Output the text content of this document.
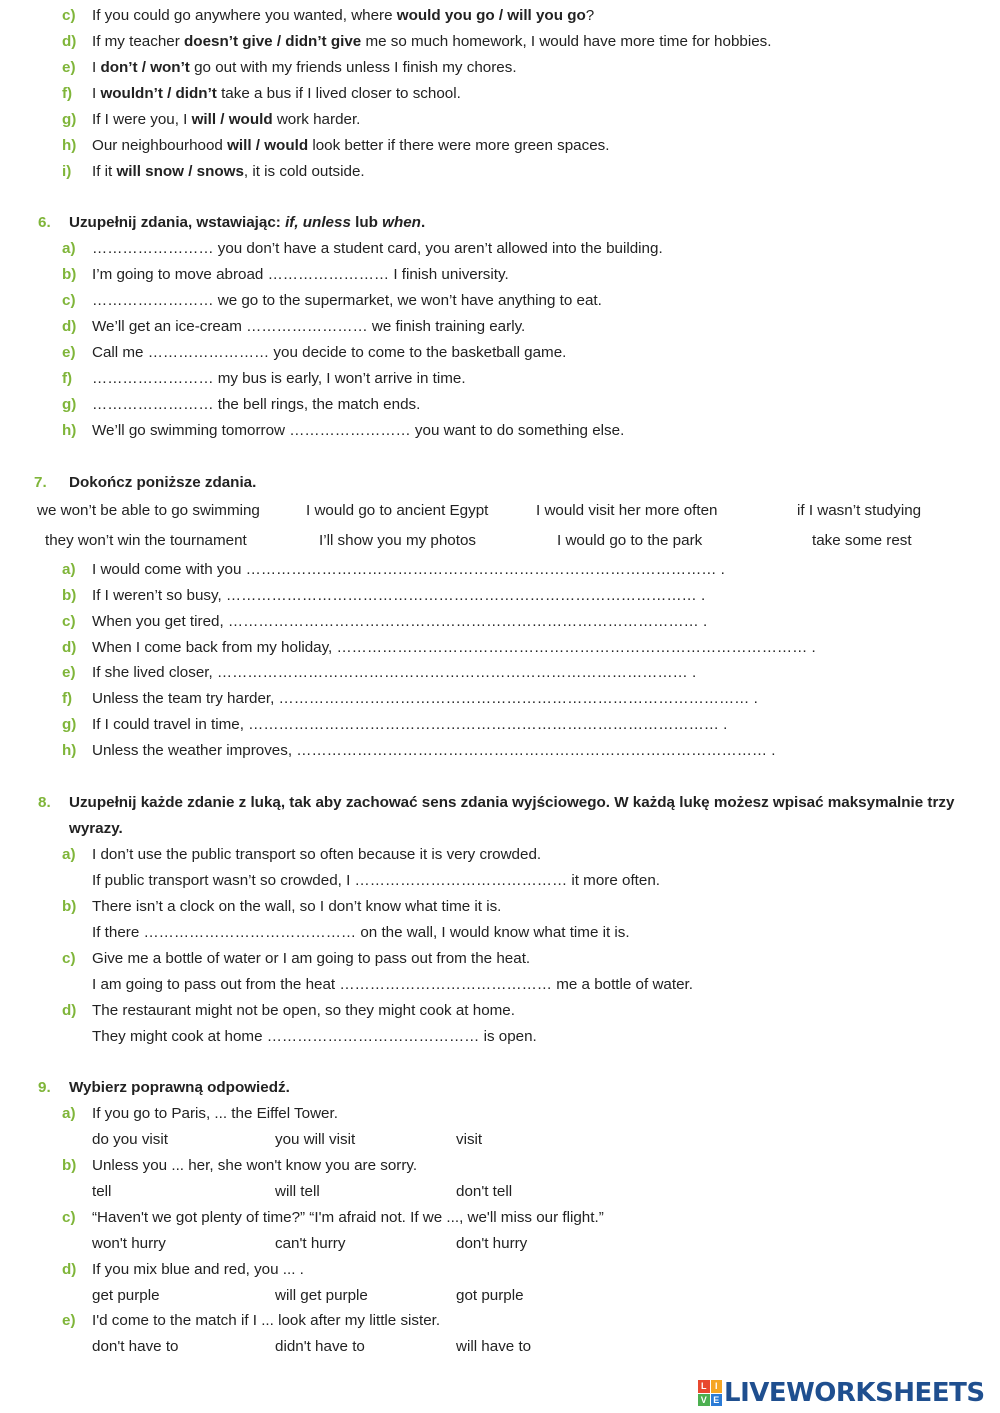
c) If you could go anywhere you wanted, where would you go / will you go?
d) If my teacher doesn’t give / didn’t give me so much homework, I would have more time for hobbies.
e) I don’t / won’t go out with my friends unless I finish my chores.
f) I wouldn’t / didn’t take a bus if I lived closer to school.
g) If I were you, I will / would work harder.
h) Our neighbourhood will / would look better if there were more green spaces.
i) If it will snow / snows, it is cold outside.
6. Uzupełnij zdania, wstawiając: if, unless lub when.
a) …………………… you don’t have a student card, you aren’t allowed into the building.
b) I’m going to move abroad …………………… I finish university.
c) …………………… we go to the supermarket, we won’t have anything to eat.
d) We’ll get an ice-cream …………………… we finish training early.
e) Call me …………………… you decide to come to the basketball game.
f) …………………… my bus is early, I won’t arrive in time.
g) …………………… the bell rings, the match ends.
h) We’ll go swimming tomorrow …………………… you want to do something else.
7. Dokończ poniższe zdania.
we won’t be able to go swimming	I would go to ancient Egypt	I would visit her more often	if I wasn’t studying
they won’t win the tournament	I’ll show you my photos	I would go to the park	take some rest
a) I would come with you ………………………………………………………………………………… .
b) If I weren’t so busy, ………………………………………………………………………………… .
c) When you get tired, ………………………………………………………………………………… .
d) When I come back from my holiday, ………………………………………………………………………………… .
e) If she lived closer, ………………………………………………………………………………… .
f) Unless the team try harder, ………………………………………………………………………………… .
g) If I could travel in time, ………………………………………………………………………………… .
h) Unless the weather improves, ………………………………………………………………………………… .
8. Uzupełnij każde zdanie z luką, tak aby zachować sens zdania wyjściowego. W każdą lukę możesz wpisać maksymalnie trzy wyrazy.
a) I don’t use the public transport so often because it is very crowded.
If public transport wasn’t so crowded, I …………………………………… it more often.
b) There isn’t a clock on the wall, so I don’t know what time it is.
If there …………………………………… on the wall, I would know what time it is.
c) Give me a bottle of water or I am going to pass out from the heat.
I am going to pass out from the heat …………………………………… me a bottle of water.
d) The restaurant might not be open, so they might cook at home.
They might cook at home …………………………………… is open.
9. Wybierz poprawną odpowiedź.
a) If you go to Paris, ... the Eiffel Tower.
do you visit	you will visit	visit
b) Unless you ... her, she won't know you are sorry.
tell	will tell	don't tell
c) “Haven't we got plenty of time?” “I'm afraid not. If we ..., we'll miss our flight.”
won't hurry	can't hurry	don't hurry
d) If you mix blue and red, you ... .
get purple	will get purple	got purple
e) I'd come to the match if I ... look after my little sister.
don't have to	didn't have to	will have to
L I
V E LIVEWORKSHEETS
